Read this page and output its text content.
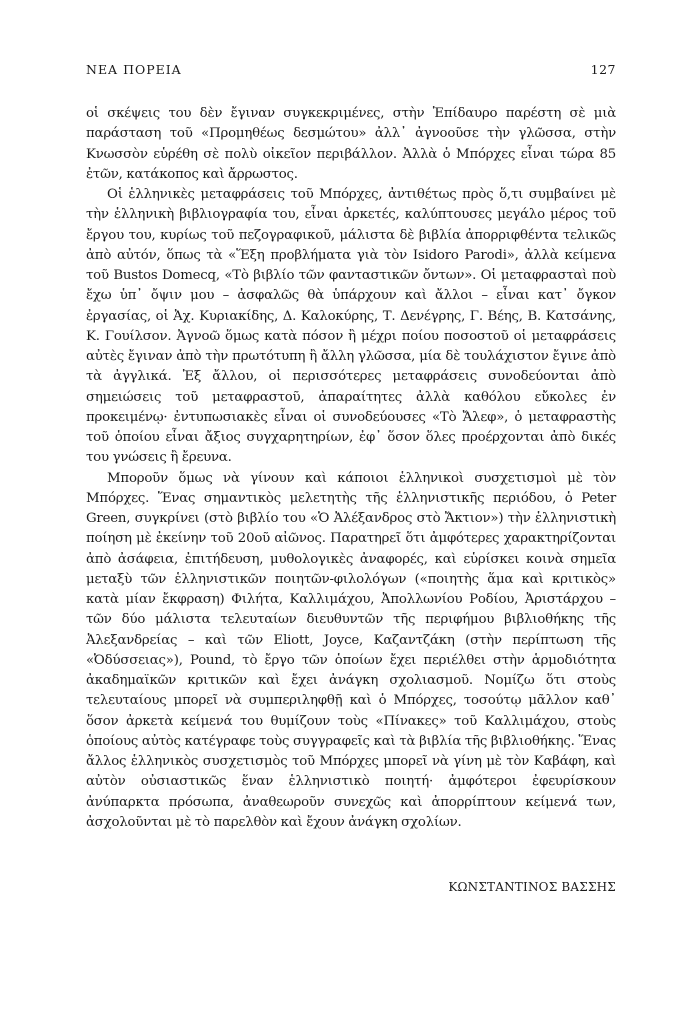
ΝΕΑ ΠΟΡΕΙΑ	127

οἱ σκέψεις του δὲν ἔγιναν συγκεκριμένες, στὴν Ἐπίδαυρο παρέστη σὲ μιὰ παράσταση τοῦ «Προμηθέως δεσμώτου» ἀλλ᾽ ἀγνοοῦσε τὴν γλῶσσα, στὴν Κνωσσὸν εὑρέθη σὲ πολὺ οἰκεῖον περιβάλλον. Ἀλλὰ ὁ Μπόρχες εἶναι τώρα 85 ἐτῶν, κατάκοπος καὶ ἄρρωστος.

Οἱ ἑλληνικὲς μεταφράσεις τοῦ Μπόρχες, ἀντιθέτως πρὸς ὅ,τι συμβαίνει μὲ τὴν ἑλληνικὴ βιβλιογραφία του, εἶναι ἀρκετές, καλύπτουσες μεγάλο μέρος τοῦ ἔργου του, κυρίως τοῦ πεζογραφικοῦ, μάλιστα δὲ βιβλία ἀπορριφθέντα τελικῶς ἀπὸ αὐτόν, ὅπως τὰ «Ἕξη προβλήματα γιὰ τὸν Isidoro Parodi», ἀλλὰ κείμενα τοῦ Bustos Domecq, «Τὸ βιβλίο τῶν φανταστικῶν ὄντων». Οἱ μεταφρασταὶ ποὺ ἔχω ὑπ᾽ ὄψιν μου – ἀσφαλῶς θὰ ὑπάρχουν καὶ ἄλλοι – εἶναι κατ᾽ ὄγκον ἐργασίας, οἱ Ἀχ. Κυριακίδης, Δ. Καλοκύρης, Τ. Δενέγρης, Γ. Βέης, Β. Κατσάνης, Κ. Γουίλσον. Ἀγνοῶ ὅμως κατὰ πόσον ἢ μέχρι ποίου ποσοστοῦ οἱ μεταφράσεις αὐτὲς ἔγιναν ἀπὸ τὴν πρωτότυπη ἢ ἄλλη γλῶσσα, μία δὲ τουλάχιστον ἔγινε ἀπὸ τὰ ἀγγλικά. Ἐξ ἄλλου, οἱ περισσότερες μεταφράσεις συνοδεύονται ἀπὸ σημειώσεις τοῦ μεταφραστοῦ, ἀπαραίτητες ἀλλὰ καθόλου εὔκολες ἐν προκειμένῳ· ἐντυπωσιακὲς εἶναι οἱ συνοδεύουσες «Τὸ Ἄλεφ», ὁ μεταφραστὴς τοῦ ὁποίου εἶναι ἄξιος συγχαρητηρίων, ἐφ᾽ ὅσον ὅλες προέρχονται ἀπὸ δικές του γνώσεις ἢ ἔρευνα.

Μποροῦν ὅμως νὰ γίνουν καὶ κάποιοι ἑλληνικοὶ συσχετισμοὶ μὲ τὸν Μπόρχες. Ἕνας σημαντικὸς μελετητὴς τῆς ἑλληνιστικῆς περιόδου, ὁ Peter Green, συγκρίνει (στὸ βιβλίο του «Ὁ Ἀλέξανδρος στὸ Ἄκτιον») τὴν ἑλληνιστικὴ ποίηση μὲ ἐκείνην τοῦ 20οῦ αἰῶνος. Παρατηρεῖ ὅτι ἀμφότερες χαρακτηρίζονται ἀπὸ ἀσάφεια, ἐπιτήδευση, μυθολογικὲς ἀναφορές, καὶ εὑρίσκει κοινὰ σημεῖα μεταξὺ τῶν ἑλληνιστικῶν ποιητῶν-φιλολόγων («ποιητὴς ἅμα καὶ κριτικὸς» κατὰ μίαν ἔκφραση) Φιλήτα, Καλλιμάχου, Ἀπολλωνίου Ροδίου, Ἀριστάρχου – τῶν δύο μάλιστα τελευταίων διευθυντῶν τῆς περιφήμου βιβλιοθήκης τῆς Ἀλεξανδρείας – καὶ τῶν Eliott, Joyce, Καζαντζάκη (στὴν περίπτωση τῆς «Ὀδύσσειας»), Pound, τὸ ἔργο τῶν ὁποίων ἔχει περιέλθει στὴν ἁρμοδιότητα ἀκαδημαϊκῶν κριτικῶν καὶ ἔχει ἀνάγκη σχολιασμοῦ. Νομίζω ὅτι στοὺς τελευταίους μπορεῖ νὰ συμπεριληφθῇ καὶ ὁ Μπόρχες, τοσούτῳ μᾶλλον καθ᾽ ὅσον ἀρκετὰ κείμενά του θυμίζουν τοὺς «Πίνακες» τοῦ Καλλιμάχου, στοὺς ὁποίους αὐτὸς κατέγραφε τοὺς συγγραφεῖς καὶ τὰ βιβλία τῆς βιβλιοθήκης. Ἕνας ἄλλος ἑλληνικὸς συσχετισμὸς τοῦ Μπόρχες μπορεῖ νὰ γίνη μὲ τὸν Καβάφη, καὶ αὐτὸν οὐσιαστικῶς ἕναν ἑλληνιστικὸ ποιητή· ἀμφότεροι ἐφευρίσκουν ἀνύπαρκτα πρόσωπα, ἀναθεωροῦν συνεχῶς καὶ ἀπορρίπτουν κείμενά των, ἀσχολοῦνται μὲ τὸ παρελθὸν καὶ ἔχουν ἀνάγκη σχολίων.

ΚΩΝΣΤΑΝΤΙΝΟΣ ΒΑΣΣΗΣ
